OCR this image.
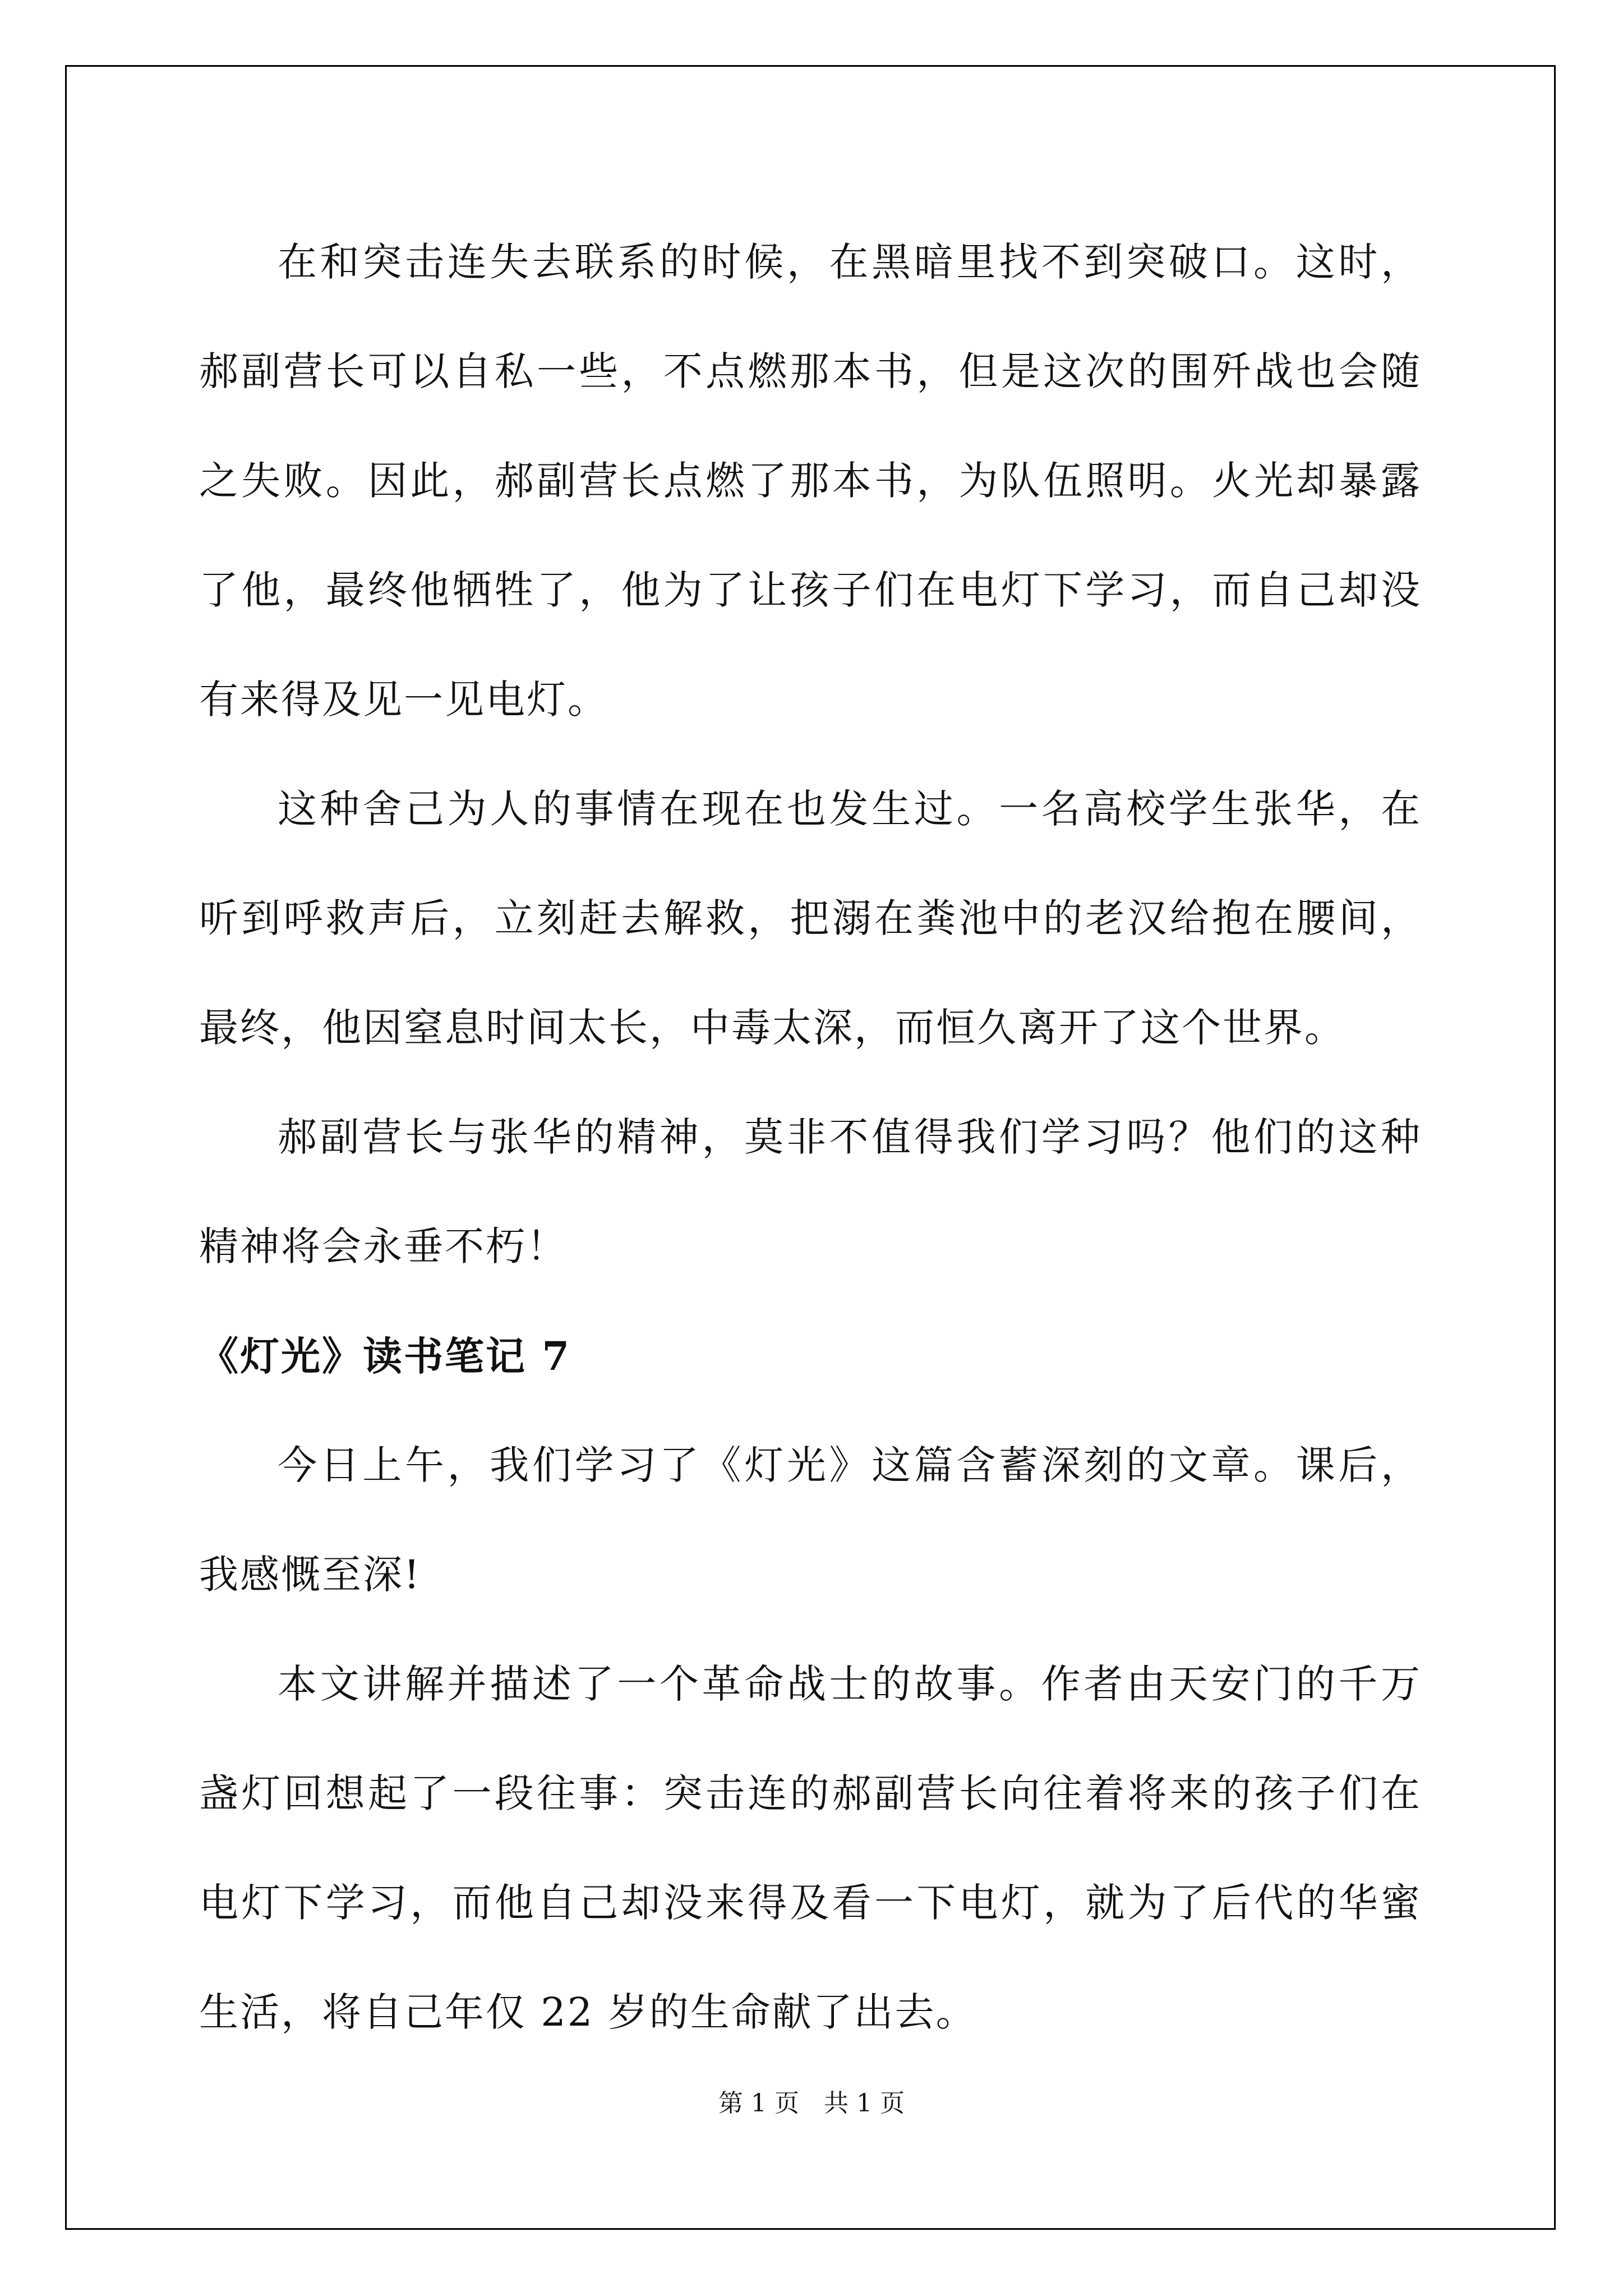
在和突击连失去联系的时候，在黑暗里找不到突破口。这时，郝副营长可以自私一些，不点燃那本书，但是这次的围歼战也会随之失败。因此，郝副营长点燃了那本书，为队伍照明。火光却暴露了他，最终他牺牲了，他为了让孩子们在电灯下学习，而自己却没有来得及见一见电灯。

这种舍己为人的事情在现在也发生过。一名高校学生张华，在听到呼救声后，立刻赶去解救，把溺在粪池中的老汉给抱在腰间，最终，他因窒息时间太长，中毒太深，而恒久离开了这个世界。

郝副营长与张华的精神，莫非不值得我们学习吗？他们的这种精神将会永垂不朽！

《灯光》读书笔记 7

今日上午，我们学习了《灯光》这篇含蓄深刻的文章。课后，我感慨至深!

本文讲解并描述了一个革命战士的故事。作者由天安门的千万盏灯回想起了一段往事：突击连的郝副营长向往着将来的孩子们在电灯下学习，而他自己却没来得及看一下电灯，就为了后代的华蜜生活，将自己年仅 22 岁的生命献了出去。

第 1 页　共 1 页
